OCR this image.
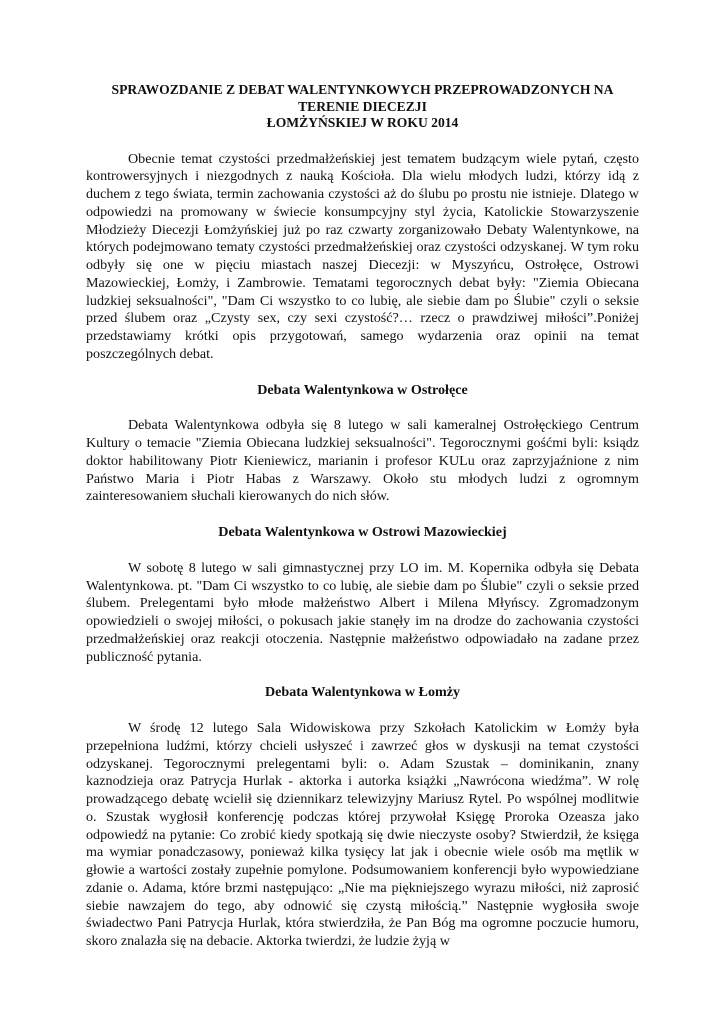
SPRAWOZDANIE Z DEBAT WALENTYNKOWYCH PRZEPROWADZONYCH NA
TERENIE DIECEZJI
ŁOMŻYŃSKIEJ W ROKU 2014

Obecnie temat czystości przedmałżeńskiej jest tematem budzącym wiele pytań, często kontrowersyjnych i niezgodnych z nauką Kościoła. Dla wielu młodych ludzi, którzy idą z duchem z tego świata, termin zachowania czystości aż do ślubu po prostu nie istnieje. Dlatego w odpowiedzi na promowany w świecie konsumpcyjny styl życia, Katolickie Stowarzyszenie Młodzieży Diecezji Łomżyńskiej już po raz czwarty zorganizowało Debaty Walentynkowe, na których podejmowano tematy czystości przedmałżeńskiej oraz czystości odzyskanej. W tym roku odbyły się one w pięciu miastach naszej Diecezji: w Myszyńcu, Ostrołęce, Ostrowi Mazowieckiej, Łomży, i Zambrowie. Tematami tegorocznych debat były: "Ziemia Obiecana ludzkiej seksualności", "Dam Ci wszystko to co lubię, ale siebie dam po Ślubie" czyli o seksie przed ślubem oraz „Czysty sex, czy sexi czystość?… rzecz o prawdziwej miłości”.Poniżej przedstawiamy krótki opis przygotowań, samego wydarzenia oraz opinii na temat poszczególnych debat.

Debata Walentynkowa w Ostrołęce

Debata Walentynkowa odbyła się 8 lutego w sali kameralnej Ostrołęckiego Centrum Kultury o temacie "Ziemia Obiecana ludzkiej seksualności". Tegorocznymi gośćmi byli: ksiądz doktor habilitowany Piotr Kieniewicz, marianin i profesor KULu oraz zaprzyjaźnione z nim Państwo Maria i Piotr Habas z Warszawy. Około stu młodych ludzi z ogromnym zainteresowaniem słuchali kierowanych do nich słów.

Debata Walentynkowa w Ostrowi Mazowieckiej

W sobotę 8 lutego w sali gimnastycznej przy LO im. M. Kopernika odbyła się Debata Walentynkowa. pt. "Dam Ci wszystko to co lubię, ale siebie dam po Ślubie" czyli o seksie przed ślubem. Prelegentami było młode małżeństwo Albert i Milena Młyńscy. Zgromadzonym opowiedzieli o swojej miłości, o pokusach jakie stanęły im na drodze do zachowania czystości przedmałżeńskiej oraz reakcji otoczenia. Następnie małżeństwo odpowiadało na zadane przez publiczność pytania.

Debata Walentynkowa w Łomży

W środę 12 lutego Sala Widowiskowa przy Szkołach Katolickim w Łomży była przepełniona ludźmi, którzy chcieli usłyszeć i zawrzeć głos w dyskusji na temat czystości odzyskanej. Tegorocznymi prelegentami byli: o. Adam Szustak – dominikanin, znany kaznodzieja oraz Patrycja Hurlak - aktorka i autorka książki „Nawrócona wiedźma”. W rolę prowadzącego debatę wcielił się dziennikarz telewizyjny Mariusz Rytel. Po wspólnej modlitwie o. Szustak wygłosił konferencję podczas której przywołał Księgę Proroka Ozeasza jako odpowiedź na pytanie: Co zrobić kiedy spotkają się dwie nieczyste osoby? Stwierdził, że księga ma wymiar ponadczasowy, ponieważ kilka tysięcy lat jak i obecnie wiele osób ma mętlik w głowie a wartości zostały zupełnie pomylone. Podsumowaniem konferencji było wypowiedziane zdanie o. Adama, które brzmi następująco: „Nie ma piękniejszego wyrazu miłości, niż zaprosić siebie nawzajem do tego, aby odnowić się czystą miłością.” Następnie wygłosiła swoje świadectwo Pani Patrycja Hurlak, która stwierdziła, że Pan Bóg ma ogromne poczucie humoru, skoro znalazła się na debacie. Aktorka twierdzi, że ludzie żyją w
